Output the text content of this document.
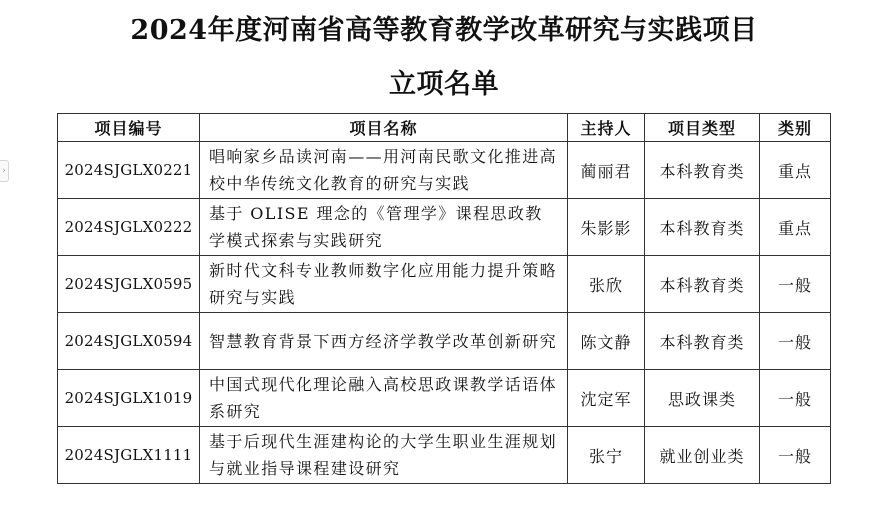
2024年度河南省高等教育教学改革研究与实践项目
立项名单
›
项目编号	项目名称	主持人	项目类型	类别
2024SJGLX0221	唱响家乡品读河南——用河南民歌文化推进高校中华传统文化教育的研究与实践	蔺丽君	本科教育类	重点
2024SJGLX0222	基于 OLISE 理念的《管理学》课程思政教学模式探索与实践研究	朱影影	本科教育类	重点
2024SJGLX0595	新时代文科专业教师数字化应用能力提升策略研究与实践	张欣	本科教育类	一般
2024SJGLX0594	智慧教育背景下西方经济学教学改革创新研究	陈文静	本科教育类	一般
2024SJGLX1019	中国式现代化理论融入高校思政课教学话语体系研究	沈定军	思政课类	一般
2024SJGLX1111	基于后现代生涯建构论的大学生职业生涯规划与就业指导课程建设研究	张宁	就业创业类	一般
